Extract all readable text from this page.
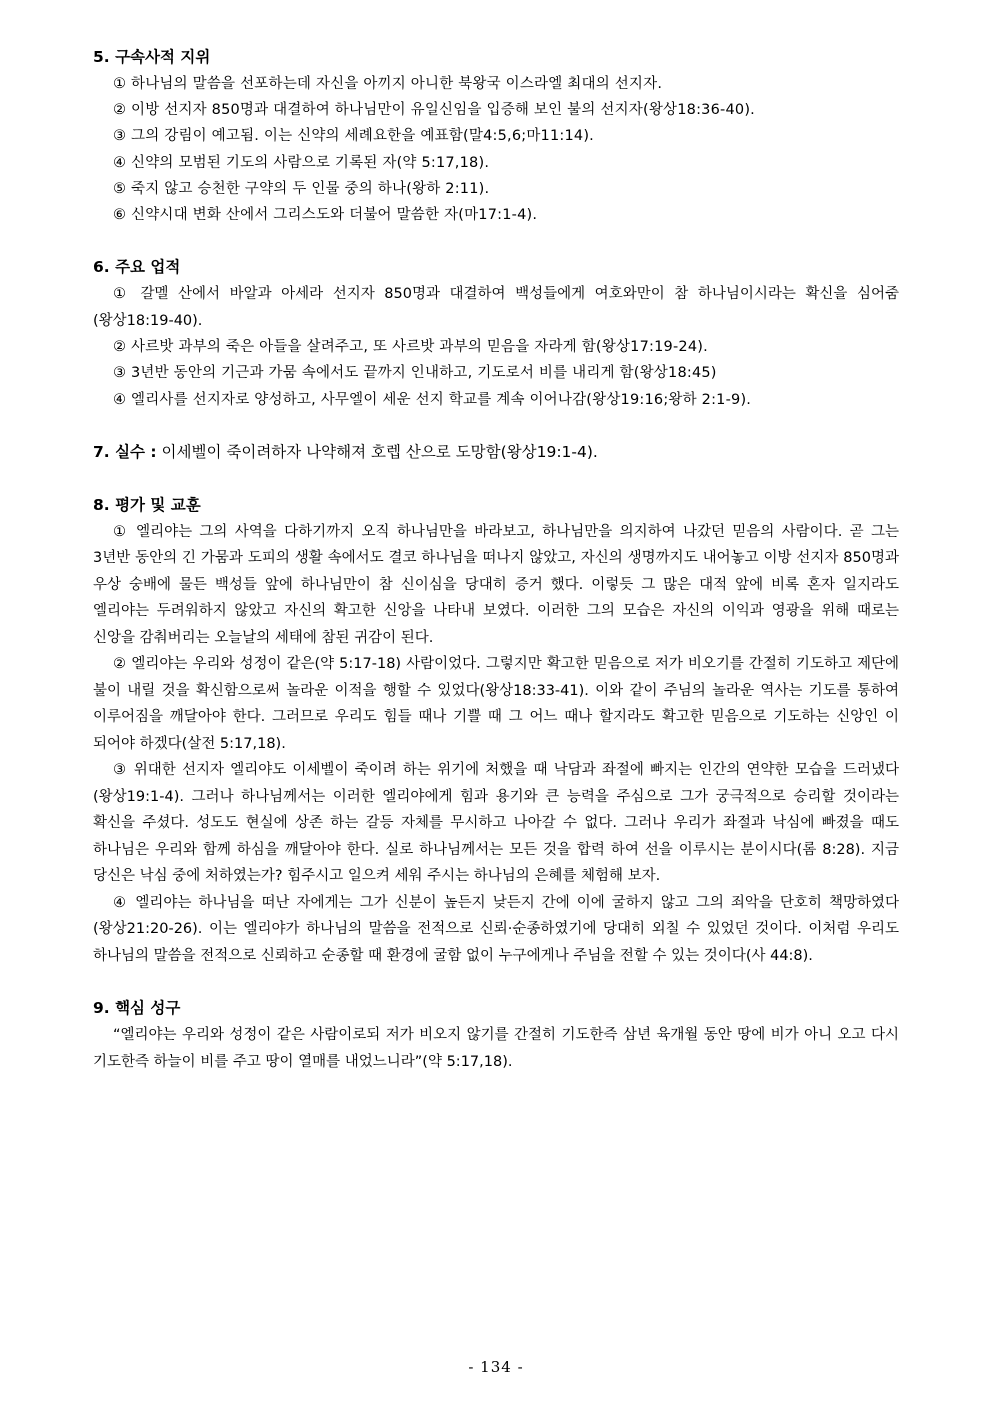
5. 구속사적 지위
① 하나님의 말씀을 선포하는데 자신을 아끼지 아니한 북왕국 이스라엘 최대의 선지자.
② 이방 선지자 850명과 대결하여 하나님만이 유일신임을 입증해 보인 불의 선지자(왕상18:36-40).
③ 그의 강림이 예고됨. 이는 신약의 세례요한을 예표함(말4:5,6;마11:14).
④ 신약의 모범된 기도의 사람으로 기록된 자(약 5:17,18).
⑤ 죽지 않고 승천한 구약의 두 인물 중의 하나(왕하 2:11).
⑥ 신약시대 변화 산에서 그리스도와 더불어 말씀한 자(마17:1-4).
6. 주요 업적
① 갈멜 산에서 바알과 아세라 선지자 850명과 대결하여 백성들에게 여호와만이 참 하나님이시라는 확신을 심어줌(왕상18:19-40).
② 사르밧 과부의 죽은 아들을 살려주고, 또 사르밧 과부의 믿음을 자라게 함(왕상17:19-24).
③ 3년반 동안의 기근과 가뭄 속에서도 끝까지 인내하고, 기도로서 비를 내리게 함(왕상18:45)
④ 엘리사를 선지자로 양성하고, 사무엘이 세운 선지 학교를 계속 이어나감(왕상19:16;왕하 2:1-9).
7. 실수 : 이세벨이 죽이려하자 나약해져 호렙 산으로 도망함(왕상19:1-4).
8. 평가 및 교훈
① 엘리야는 그의 사역을 다하기까지 오직 하나님만을 바라보고, 하나님만을 의지하여 나갔던 믿음의 사람이다. 곧 그는 3년반 동안의 긴 가뭄과 도피의 생활 속에서도 결코 하나님을 떠나지 않았고, 자신의 생명까지도 내어놓고 이방 선지자 850명과 우상 숭배에 물든 백성들 앞에 하나님만이 참 신이심을 당대히 증거 했다. 이렇듯 그 많은 대적 앞에 비록 혼자 일지라도 엘리야는 두려워하지 않았고 자신의 확고한 신앙을 나타내 보였다. 이러한 그의 모습은 자신의 이익과 영광을 위해 때로는 신앙을 감춰버리는 오늘날의 세태에 참된 귀감이 된다.
② 엘리야는 우리와 성정이 같은(약 5:17-18) 사람이었다. 그렇지만 확고한 믿음으로 저가 비오기를 간절히 기도하고 제단에 불이 내릴 것을 확신함으로써 놀라운 이적을 행할 수 있었다(왕상18:33-41). 이와 같이 주님의 놀라운 역사는 기도를 통하여 이루어짐을 깨달아야 한다. 그러므로 우리도 힘들 때나 기쁠 때 그 어느 때나 할지라도 확고한 믿음으로 기도하는 신앙인 이 되어야 하겠다(살전 5:17,18).
③ 위대한 선지자 엘리야도 이세벨이 죽이려 하는 위기에 처했을 때 낙담과 좌절에 빠지는 인간의 연약한 모습을 드러냈다(왕상19:1-4). 그러나 하나님께서는 이러한 엘리야에게 힘과 용기와 큰 능력을 주심으로 그가 궁극적으로 승리할 것이라는 확신을 주셨다. 성도도 현실에 상존 하는 갈등 자체를 무시하고 나아갈 수 없다. 그러나 우리가 좌절과 낙심에 빠졌을 때도 하나님은 우리와 함께 하심을 깨달아야 한다. 실로 하나님께서는 모든 것을 합력 하여 선을 이루시는 분이시다(롬 8:28). 지금 당신은 낙심 중에 처하였는가? 힘주시고 일으켜 세워 주시는 하나님의 은혜를 체험해 보자.
④ 엘리야는 하나님을 떠난 자에게는 그가 신분이 높든지 낮든지 간에 이에 굴하지 않고 그의 죄악을 단호히 책망하였다(왕상21:20-26). 이는 엘리야가 하나님의 말씀을 전적으로 신뢰·순종하였기에 당대히 외칠 수 있었던 것이다. 이처럼 우리도 하나님의 말씀을 전적으로 신뢰하고 순종할 때 환경에 굴함 없이 누구에게나 주님을 전할 수 있는 것이다(사 44:8).
9. 핵심 성구
“엘리야는 우리와 성정이 같은 사람이로되 저가 비오지 않기를 간절히 기도한즉 삼년 육개월 동안 땅에 비가 아니 오고 다시 기도한즉 하늘이 비를 주고 땅이 열매를 내었느니라”(약 5:17,18).
- 134 -
